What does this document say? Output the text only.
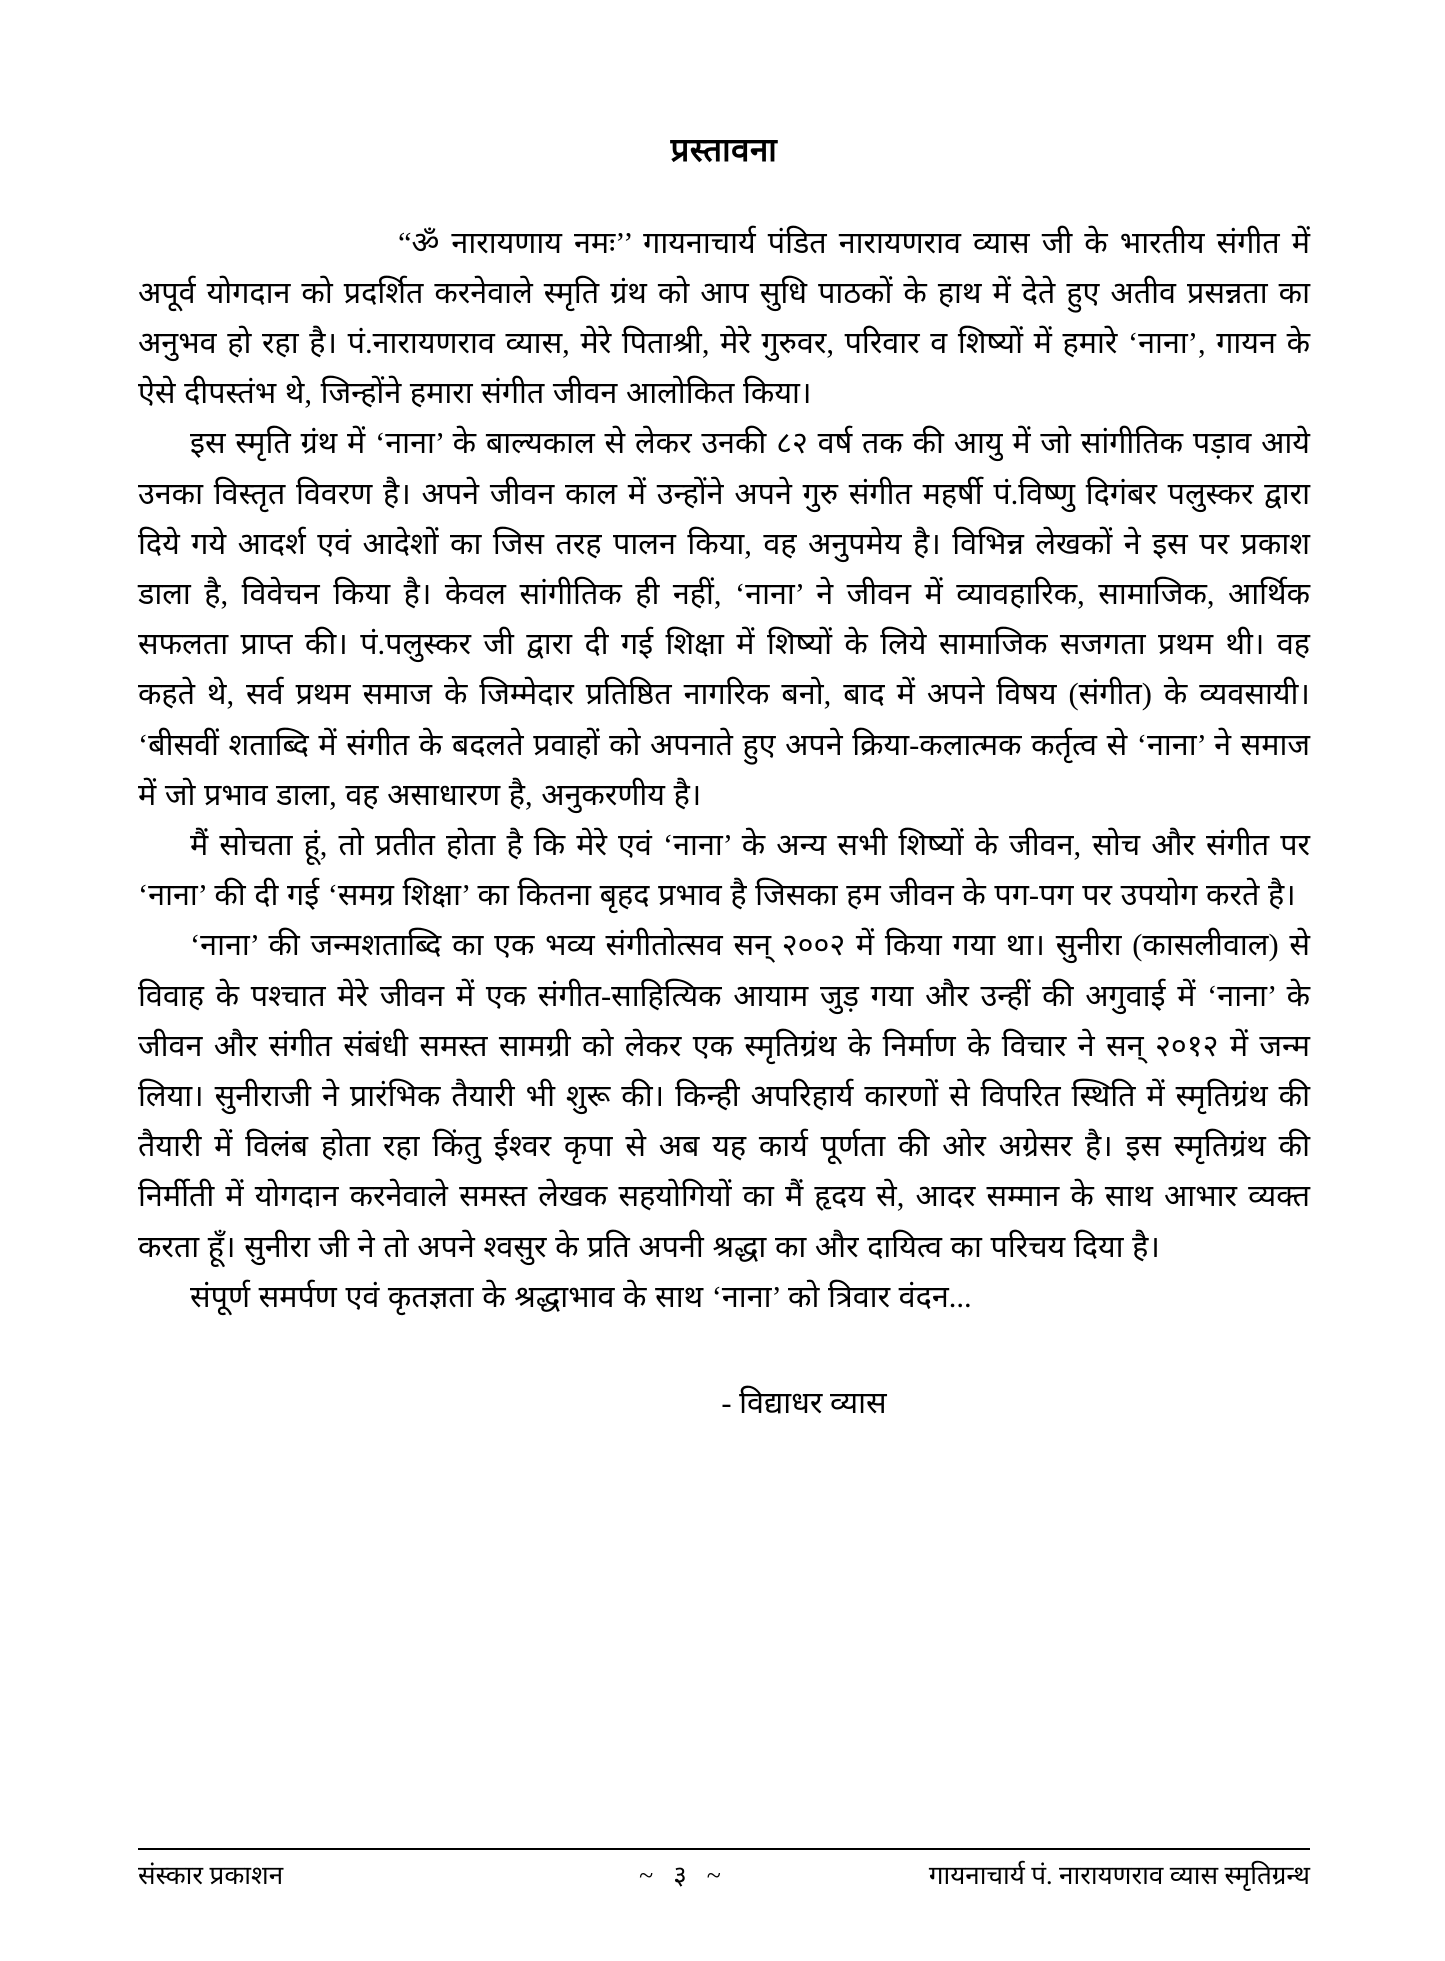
प्रस्तावना

“ॐ नारायणाय नमः’’ गायनाचार्य पंडित नारायणराव व्यास जी के भारतीय संगीत में अपूर्व योगदान को प्रदर्शित करनेवाले स्मृति ग्रंथ को आप सुधि पाठकों के हाथ में देते हुए अतीव प्रसन्नता का अनुभव हो रहा है। पं.नारायणराव व्यास, मेरे पिताश्री, मेरे गुरुवर, परिवार व शिष्यों में हमारे ‘नाना’, गायन के ऐसे दीपस्तंभ थे, जिन्होंने हमारा संगीत जीवन आलोकित किया।

इस स्मृति ग्रंथ में ‘नाना’ के बाल्यकाल से लेकर उनकी ८२ वर्ष तक की आयु में जो सांगीतिक पड़ाव आये उनका विस्तृत विवरण है। अपने जीवन काल में उन्होंने अपने गुरु संगीत महर्षी पं.विष्णु दिगंबर पलुस्कर द्वारा दिये गये आदर्श एवं आदेशों का जिस तरह पालन किया, वह अनुपमेय है। विभिन्न लेखकों ने इस पर प्रकाश डाला है, विवेचन किया है। केवल सांगीतिक ही नहीं, ‘नाना’ ने जीवन में व्यावहारिक, सामाजिक, आर्थिक सफलता प्राप्त की। पं.पलुस्कर जी द्वारा दी गई शिक्षा में शिष्यों के लिये सामाजिक सजगता प्रथम थी। वह कहते थे, सर्व प्रथम समाज के जिम्मेदार प्रतिष्ठित नागरिक बनो, बाद में अपने विषय (संगीत) के व्यवसायी। ‘बीसवीं शताब्दि में संगीत के बदलते प्रवाहों को अपनाते हुए अपने क्रिया-कलात्मक कर्तृत्व से ‘नाना’ ने समाज में जो प्रभाव डाला, वह असाधारण है, अनुकरणीय है।

मैं सोचता हूं, तो प्रतीत होता है कि मेरे एवं ‘नाना’ के अन्य सभी शिष्यों के जीवन, सोच और संगीत पर ‘नाना’ की दी गई ‘समग्र शिक्षा’ का कितना बृहद प्रभाव है जिसका हम जीवन के पग-पग पर उपयोग करते है।

‘नाना’ की जन्मशताब्दि का एक भव्य संगीतोत्सव सन् २००२ में किया गया था। सुनीरा (कासलीवाल) से विवाह के पश्चात मेरे जीवन में एक संगीत-साहित्यिक आयाम जुड़ गया और उन्हीं की अगुवाई में ‘नाना’ के जीवन और संगीत संबंधी समस्त सामग्री को लेकर एक स्मृतिग्रंथ के निर्माण के विचार ने सन् २०१२ में जन्म लिया। सुनीराजी ने प्रारंभिक तैयारी भी शुरू की। किन्ही अपरिहार्य कारणों से विपरित स्थिति में स्मृतिग्रंथ की तैयारी में विलंब होता रहा किंतु ईश्वर कृपा से अब यह कार्य पूर्णता की ओर अग्रेसर है। इस स्मृतिग्रंथ की निर्मीती में योगदान करनेवाले समस्त लेखक सहयोगियों का मैं हृदय से, आदर सम्मान के साथ आभार व्यक्त करता हूँ। सुनीरा जी ने तो अपने श्वसुर के प्रति अपनी श्रद्धा का और दायित्व का परिचय दिया है।

संपूर्ण समर्पण एवं कृतज्ञता के श्रद्धाभाव के साथ ‘नाना’ को त्रिवार वंदन...

- विद्याधर व्यास
संस्कार प्रकाशन	~ ३ ~	गायनाचार्य पं. नारायणराव व्यास स्मृतिग्रन्थ
